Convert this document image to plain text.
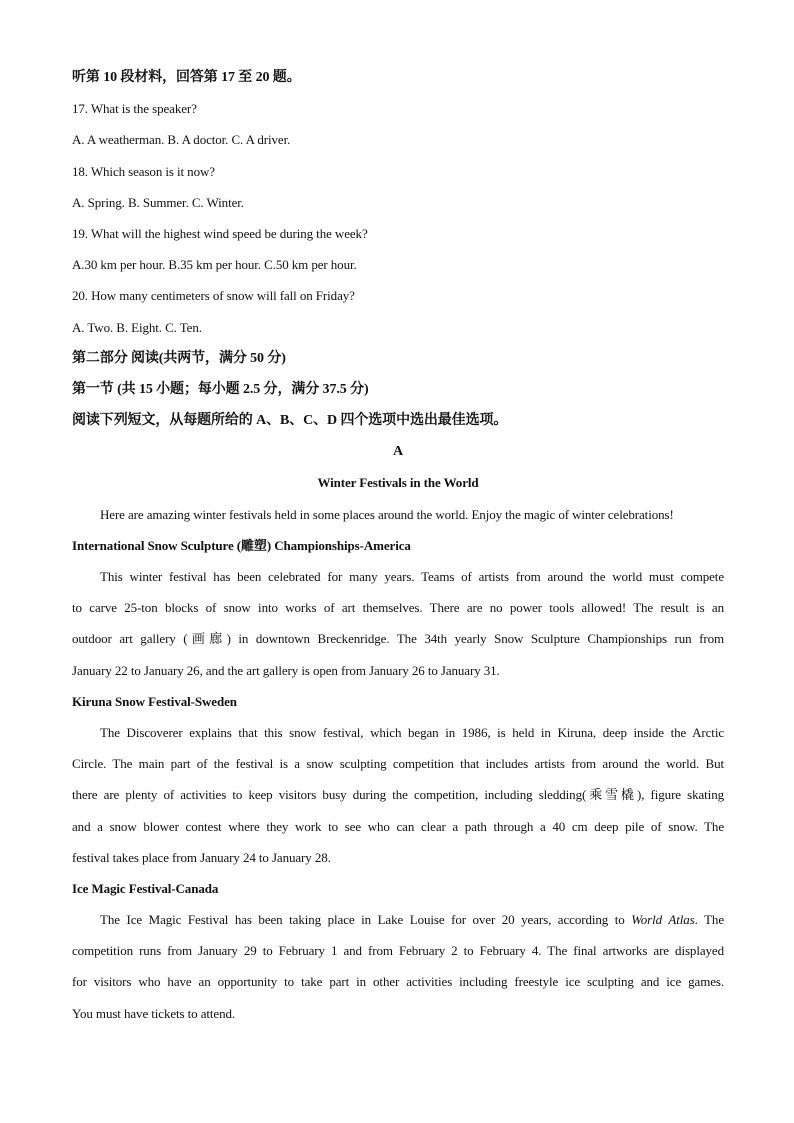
听第 10 段材料，回答第 17 至 20 题。
17. What is the speaker?
A. A weatherman. B. A doctor. C. A driver.
18. Which season is it now?
A. Spring. B. Summer. C. Winter.
19. What will the highest wind speed be during the week?
A.30 km per hour. B.35 km per hour. C.50 km per hour.
20. How many centimeters of snow will fall on Friday?
A. Two. B. Eight. C. Ten.
第二部分 阅读(共两节，满分 50 分)
第一节 (共 15 小题；每小题 2.5 分，满分 37.5 分)
阅读下列短文，从每题所给的 A、B、C、D 四个选项中选出最佳选项。
A
Winter Festivals in the World
Here are amazing winter festivals held in some places around the world. Enjoy the magic of winter celebrations!
International Snow Sculpture (雕塑) Championships-America
This winter festival has been celebrated for many years. Teams of artists from around the world must compete
to carve 25-ton blocks of snow into works of art themselves. There are no power tools allowed! The result is an
outdoor art gallery (画廊) in downtown Breckenridge. The 34th yearly Snow Sculpture Championships run from
January 22 to January 26, and the art gallery is open from January 26 to January 31.
Kiruna Snow Festival-Sweden
The Discoverer explains that this snow festival, which began in 1986, is held in Kiruna, deep inside the Arctic
Circle. The main part of the festival is a snow sculpting competition that includes artists from around the world. But
there are plenty of activities to keep visitors busy during the competition, including sledding(乘雪橇), figure skating
and a snow blower contest where they work to see who can clear a path through a 40 cm deep pile of snow. The
festival takes place from January 24 to January 28.
Ice Magic Festival-Canada
The Ice Magic Festival has been taking place in Lake Louise for over 20 years, according to World Atlas. The
competition runs from January 29 to February 1 and from February 2 to February 4. The final artworks are displayed
for visitors who have an opportunity to take part in other activities including freestyle ice sculpting and ice games.
You must have tickets to attend.
